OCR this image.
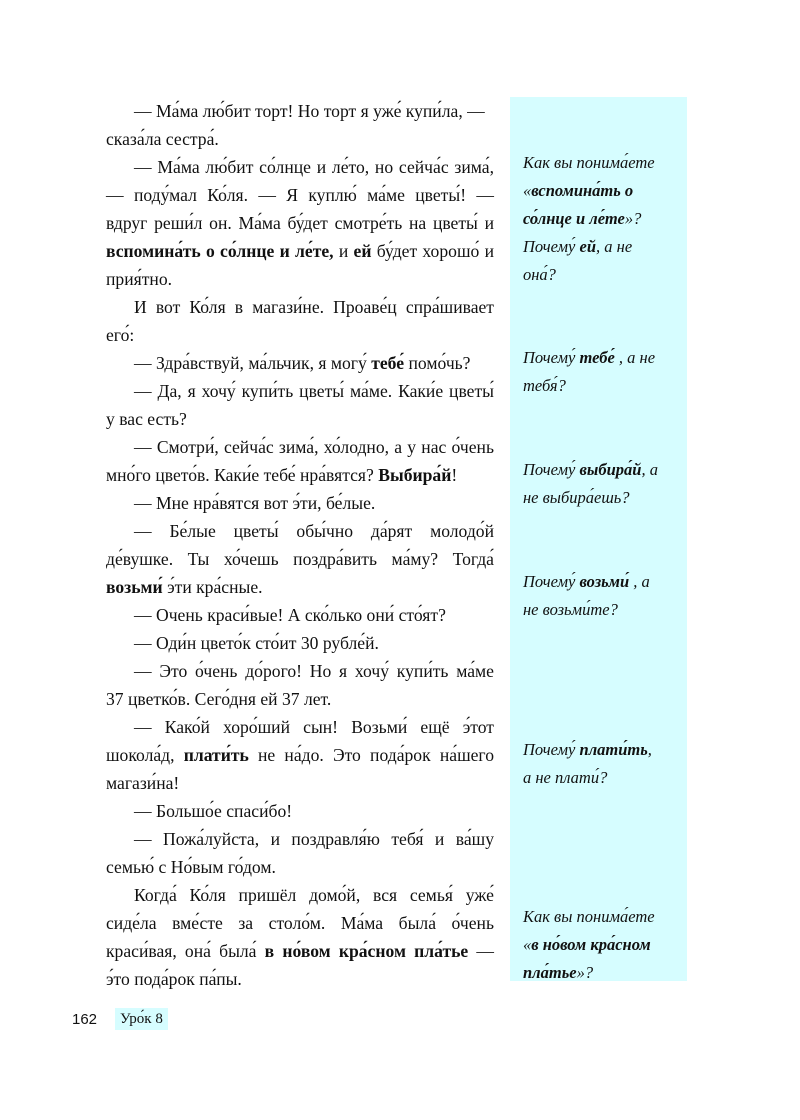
— Ма́ма лю́бит торт! Но торт я уже́ купи́ла, —
сказа́ла сестра́.
— Ма́ма лю́бит со́лнце и ле́то, но сейча́с зима́,
— поду́мал Ко́ля. — Я куплю́ ма́ме цветы́! —
вдруг реши́л он. Ма́ма бу́дет смотре́ть на цветы́ и
вспомина́ть о со́лнце и ле́те, и ей бу́дет хорошо́ и
прия́тно.
И вот Ко́ля в магази́не. Проаве́ц спра́шивает
его́:
— Здра́вствуй, ма́льчик, я могу́ тебе́ помо́чь?
— Да, я хочу́ купи́ть цветы́ ма́ме. Каки́е цветы́
у вас есть?
— Смотри́, сейча́с зима́, хо́лодно, а у нас о́чень
мно́го цвето́в. Каки́е тебе́ нра́вятся? Выбира́й!
— Мне нра́вятся вот э́ти, бе́лые.
— Бе́лые цветы́ обы́чно да́рят молодо́й
де́вушке. Ты хо́чешь поздра́вить ма́му? Тогда́
возьми́ э́ти кра́сные.
— Очень краси́вые! А ско́лько они́ сто́ят?
— Оди́н цвето́к сто́ит 30 рубле́й.
— Это о́чень до́рого! Но я хочу́ купи́ть ма́ме
37 цветко́в. Сего́дня ей 37 лет.
— Како́й хоро́ший сын! Возьми́ ещё э́тот
шокола́д, плати́ть не на́до. Это пода́рок на́шего
магази́на!
— Большо́е спаси́бо!
— Пожа́луйста, и поздравля́ю тебя́ и ва́шу
семью́ с Но́вым го́дом.
Когда́ Ко́ля пришёл домо́й, вся семья́ уже́
сиде́ла вме́сте за столо́м. Ма́ма была́ о́чень
краси́вая, она́ была́ в но́вом кра́сном пла́тье —
э́то пода́рок па́пы.
Как вы понима́ете
«вспомина́ть о
со́лнце и ле́те»?
Почему́ ей, а не
она́?
Почему́ тебе́ , а не
тебя́?
Почему́ выбира́й, а
не выбира́ешь?
Почему́ возьми́ , а
не возьми́те?
Почему́ плати́ть,
а не плати́?
Как вы понима́ете
«в но́вом кра́сном
пла́тье»?
162	Уро́к 8
